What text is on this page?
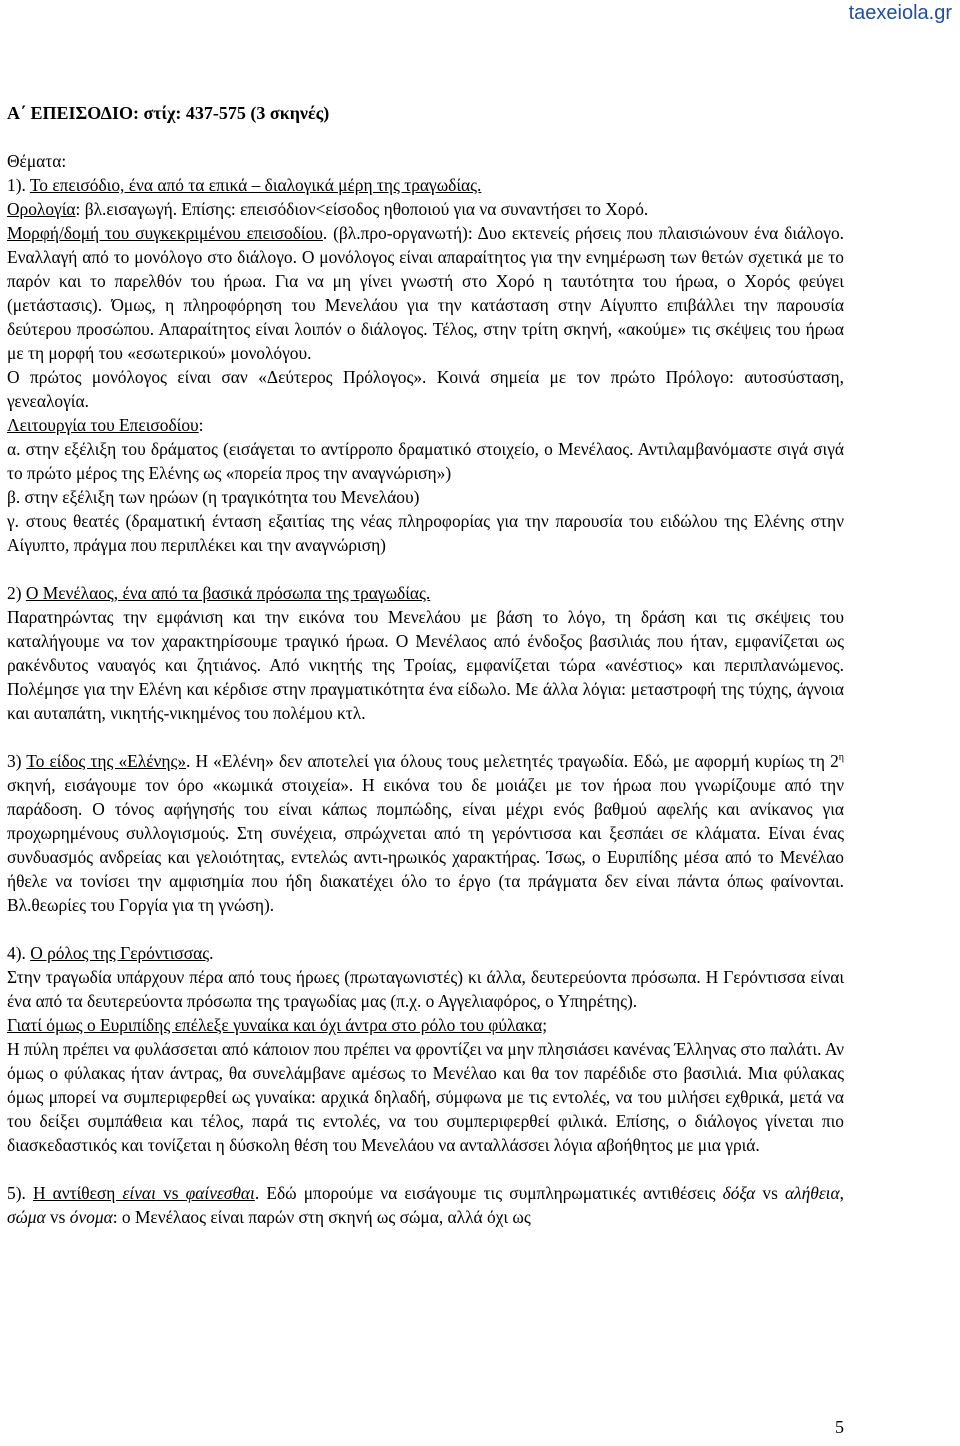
taexeiola.gr

Α΄ ΕΠΕΙΣΟΔΙΟ: στίχ: 437-575 (3 σκηνές)

Θέματα:

1). Το επεισόδιο, ένα από τα επικά – διαλογικά μέρη της τραγωδίας.

Ορολογία: βλ.εισαγωγή. Επίσης: επεισόδιον<είσοδος ηθοποιού για να συναντήσει το Χορό.

Μορφή/δομή του συγκεκριμένου επεισοδίου. (βλ.προ-οργανωτή): Δυο εκτενείς ρήσεις που πλαισιώνουν ένα διάλογο. Εναλλαγή από το μονόλογο στο διάλογο. Ο μονόλογος είναι απαραίτητος για την ενημέρωση των θετών σχετικά με το παρόν και το παρελθόν του ήρωα. Για να μη γίνει γνωστή στο Χορό η ταυτότητα του ήρωα, ο Χορός φεύγει (μετάστασις). Όμως, η πληροφόρηση του Μενελάου για την κατάσταση στην Αίγυπτο επιβάλλει την παρουσία δεύτερου προσώπου. Απαραίτητος είναι λοιπόν ο διάλογος. Τέλος, στην τρίτη σκηνή, «ακούμε» τις σκέψεις του ήρωα με τη μορφή του «εσωτερικού» μονολόγου.

Ο πρώτος μονόλογος είναι σαν «Δεύτερος Πρόλογος». Κοινά σημεία με τον πρώτο Πρόλογο: αυτοσύσταση, γενεαλογία.

Λειτουργία του Επεισοδίου:

α. στην εξέλιξη του δράματος (εισάγεται το αντίρροπο δραματικό στοιχείο, ο Μενέλαος. Αντιλαμβανόμαστε σιγά σιγά το πρώτο μέρος της Ελένης ως «πορεία προς την αναγνώριση»)

β. στην εξέλιξη των ηρώων (η τραγικότητα του Μενελάου)

γ. στους θεατές (δραματική ένταση εξαιτίας της νέας πληροφορίας για την παρουσία του ειδώλου της Ελένης στην Αίγυπτο, πράγμα που περιπλέκει και την αναγνώριση)

2) Ο Μενέλαος, ένα από τα βασικά πρόσωπα της τραγωδίας.

Παρατηρώντας την εμφάνιση και την εικόνα του Μενελάου με βάση το λόγο, τη δράση και τις σκέψεις του καταλήγουμε να τον χαρακτηρίσουμε τραγικό ήρωα. Ο Μενέλαος από ένδοξος βασιλιάς που ήταν, εμφανίζεται ως ρακένδυτος ναυαγός και ζητιάνος. Από νικητής της Τροίας, εμφανίζεται τώρα «ανέστιος» και περιπλανώμενος. Πολέμησε για την Ελένη και κέρδισε στην πραγματικότητα ένα είδωλο. Με άλλα λόγια: μεταστροφή της τύχης, άγνοια και αυταπάτη, νικητής-νικημένος του πολέμου κτλ.

3) Το είδος της «Ελένης». Η «Ελένη» δεν αποτελεί για όλους τους μελετητές τραγωδία. Εδώ, με αφορμή κυρίως τη $2^\eta$ σκηνή, εισάγουμε τον όρο «κωμικά στοιχεία». Η εικόνα του δε μοιάζει με τον ήρωα που γνωρίζουμε από την παράδοση. Ο τόνος αφήγησής του είναι κάπως πομπώδης, είναι μέχρι ενός βαθμού αφελής και ανίκανος για προχωρημένους συλλογισμούς. Στη συνέχεια, σπρώχνεται από τη γερόντισσα και ξεσπάει σε κλάματα. Είναι ένας συνδυασμός ανδρείας και γελοιότητας, εντελώς αντι-ηρωικός χαρακτήρας. Ίσως, ο Ευριπίδης μέσα από το Μενέλαο ήθελε να τονίσει την αμφισημία που ήδη διακατέχει όλο το έργο (τα πράγματα δεν είναι πάντα όπως φαίνονται. Βλ.θεωρίες του Γοργία για τη γνώση).

4). Ο ρόλος της Γερόντισσας.

Στην τραγωδία υπάρχουν πέρα από τους ήρωες (πρωταγωνιστές) κι άλλα, δευτερεύοντα πρόσωπα. Η Γερόντισσα είναι ένα από τα δευτερεύοντα πρόσωπα της τραγωδίας μας (π.χ. ο Αγγελιαφόρος, ο Υπηρέτης).

Γιατί όμως ο Ευριπίδης επέλεξε γυναίκα και όχι άντρα στο ρόλο του φύλακα;

Η πύλη πρέπει να φυλάσσεται από κάποιον που πρέπει να φροντίζει να μην πλησιάσει κανένας Έλληνας στο παλάτι. Αν όμως ο φύλακας ήταν άντρας, θα συνελάμβανε αμέσως το Μενέλαο και θα τον παρέδιδε στο βασιλιά. Μια φύλακας όμως μπορεί να συμπεριφερθεί ως γυναίκα: αρχικά δηλαδή, σύμφωνα με τις εντολές, να του μιλήσει εχθρικά, μετά να του δείξει συμπάθεια και τέλος, παρά τις εντολές, να του συμπεριφερθεί φιλικά. Επίσης, ο διάλογος γίνεται πιο διασκεδαστικός και τονίζεται η δύσκολη θέση του Μενελάου να ανταλλάσσει λόγια αβοήθητος με μια γριά.

5). Η αντίθεση είναι vs φαίνεσθαι. Εδώ μπορούμε να εισάγουμε τις συμπληρωματικές αντιθέσεις δόξα vs αλήθεια, σώμα vs όνομα: ο Μενέλαος είναι παρών στη σκηνή ως σώμα, αλλά όχι ως

5
